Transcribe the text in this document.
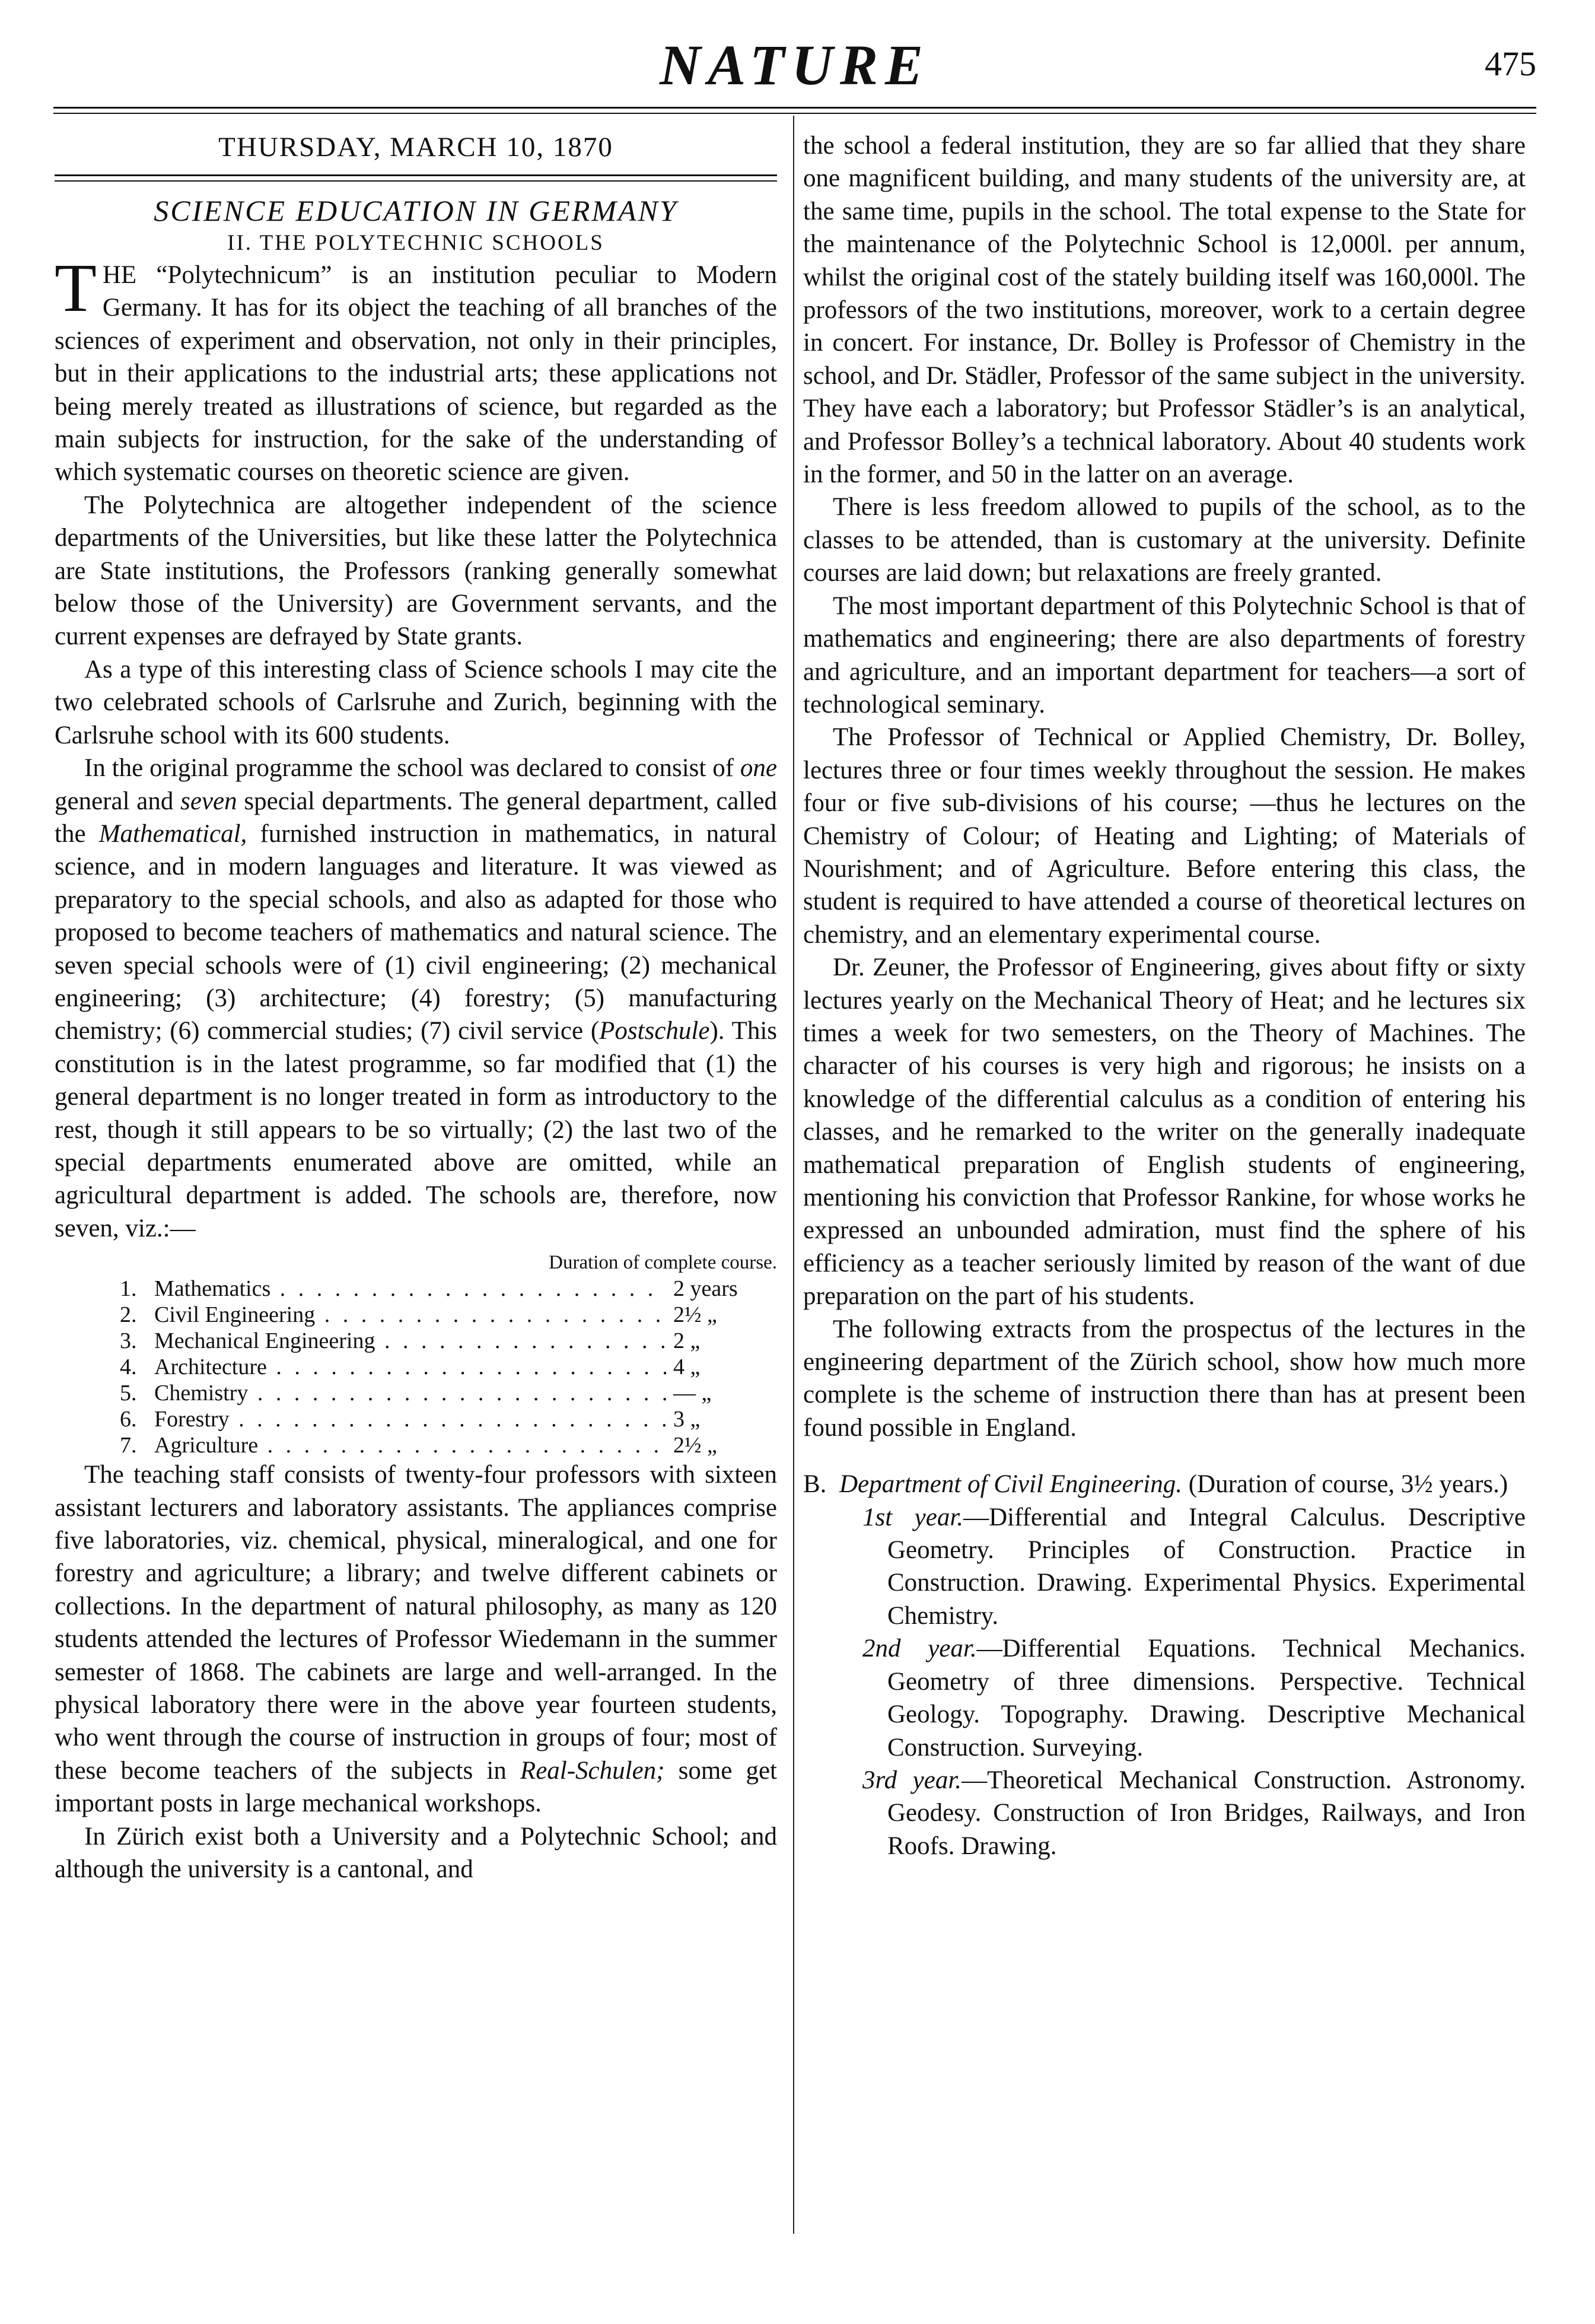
NATURE	475
THURSDAY, MARCH 10, 1870
SCIENCE EDUCATION IN GERMANY
II. THE POLYTECHNIC SCHOOLS

THE “Polytechnicum” is an institution peculiar to Modern Germany. It has for its object the teaching of all branches of the sciences of experiment and observation, not only in their principles, but in their applications to the industrial arts; these applications not being merely treated as illustrations of science, but regarded as the main subjects for instruction, for the sake of the understanding of which systematic courses on theoretic science are given.

The Polytechnica are altogether independent of the science departments of the Universities, but like these latter the Polytechnica are State institutions, the Professors (ranking generally somewhat below those of the University) are Government servants, and the current expenses are defrayed by State grants.

As a type of this interesting class of Science schools I may cite the two celebrated schools of Carlsruhe and Zurich, beginning with the Carlsruhe school with its 600 students.

In the original programme the school was declared to consist of one general and seven special departments. The general department, called the Mathematical, furnished instruction in mathematics, in natural science, and in modern languages and literature. It was viewed as preparatory to the special schools, and also as adapted for those who proposed to become teachers of mathematics and natural science. The seven special schools were of (1) civil engineering; (2) mechanical engineering; (3) architecture; (4) forestry; (5) manufacturing chemistry; (6) commercial studies; (7) civil service (Postschule). This constitution is in the latest programme, so far modified that (1) the general department is no longer treated in form as introductory to the rest, though it still appears to be so virtually; (2) the last two of the special departments enumerated above are omitted, while an agricultural department is added. The schools are, therefore, now seven, viz.:—

Duration of complete course.
1. Mathematics . . .	2 years
2. Civil Engineering . . .	2½ „
3. Mechanical Engineering . . .	2 „
4. Architecture . . .	4 „
5. Chemistry . . .	— „
6. Forestry . . .	3 „
7. Agriculture . . .	2½ „

The teaching staff consists of twenty-four professors with sixteen assistant lecturers and laboratory assistants. The appliances comprise five laboratories, viz. chemical, physical, mineralogical, and one for forestry and agriculture; a library; and twelve different cabinets or collections. In the department of natural philosophy, as many as 120 students attended the lectures of Professor Wiedemann in the summer semester of 1868. The cabinets are large and well-arranged. In the physical laboratory there were in the above year fourteen students, who went through the course of instruction in groups of four; most of these become teachers of the subjects in Real-Schulen; some get important posts in large mechanical workshops.

In Zürich exist both a University and a Polytechnic School; and although the university is a cantonal, and

the school a federal institution, they are so far allied that they share one magnificent building, and many students of the university are, at the same time, pupils in the school. The total expense to the State for the maintenance of the Polytechnic School is 12,000l. per annum, whilst the original cost of the stately building itself was 160,000l. The professors of the two institutions, moreover, work to a certain degree in concert. For instance, Dr. Bolley is Professor of Chemistry in the school, and Dr. Städler, Professor of the same subject in the university. They have each a laboratory; but Professor Städler’s is an analytical, and Professor Bolley’s a technical laboratory. About 40 students work in the former, and 50 in the latter on an average.

There is less freedom allowed to pupils of the school, as to the classes to be attended, than is customary at the university. Definite courses are laid down; but relaxations are freely granted.

The most important department of this Polytechnic School is that of mathematics and engineering; there are also departments of forestry and agriculture, and an important department for teachers—a sort of technological seminary.

The Professor of Technical or Applied Chemistry, Dr. Bolley, lectures three or four times weekly throughout the session. He makes four or five sub-divisions of his course; —thus he lectures on the Chemistry of Colour; of Heating and Lighting; of Materials of Nourishment; and of Agriculture. Before entering this class, the student is required to have attended a course of theoretical lectures on chemistry, and an elementary experimental course.

Dr. Zeuner, the Professor of Engineering, gives about fifty or sixty lectures yearly on the Mechanical Theory of Heat; and he lectures six times a week for two semesters, on the Theory of Machines. The character of his courses is very high and rigorous; he insists on a knowledge of the differential calculus as a condition of entering his classes, and he remarked to the writer on the generally inadequate mathematical preparation of English students of engineering, mentioning his conviction that Professor Rankine, for whose works he expressed an unbounded admiration, must find the sphere of his efficiency as a teacher seriously limited by reason of the want of due preparation on the part of his students.

The following extracts from the prospectus of the lectures in the engineering department of the Zürich school, show how much more complete is the scheme of instruction there than has at present been found possible in England.

B. Department of Civil Engineering. (Duration of course, 3½ years.)

1st year.—Differential and Integral Calculus. Descriptive Geometry. Principles of Construction. Practice in Construction. Drawing. Experimental Physics. Experimental Chemistry.

2nd year.—Differential Equations. Technical Mechanics. Geometry of three dimensions. Perspective. Technical Geology. Topography. Drawing. Descriptive Mechanical Construction. Surveying.

3rd year.—Theoretical Mechanical Construction. Astronomy. Geodesy. Construction of Iron Bridges, Railways, and Iron Roofs. Drawing.
